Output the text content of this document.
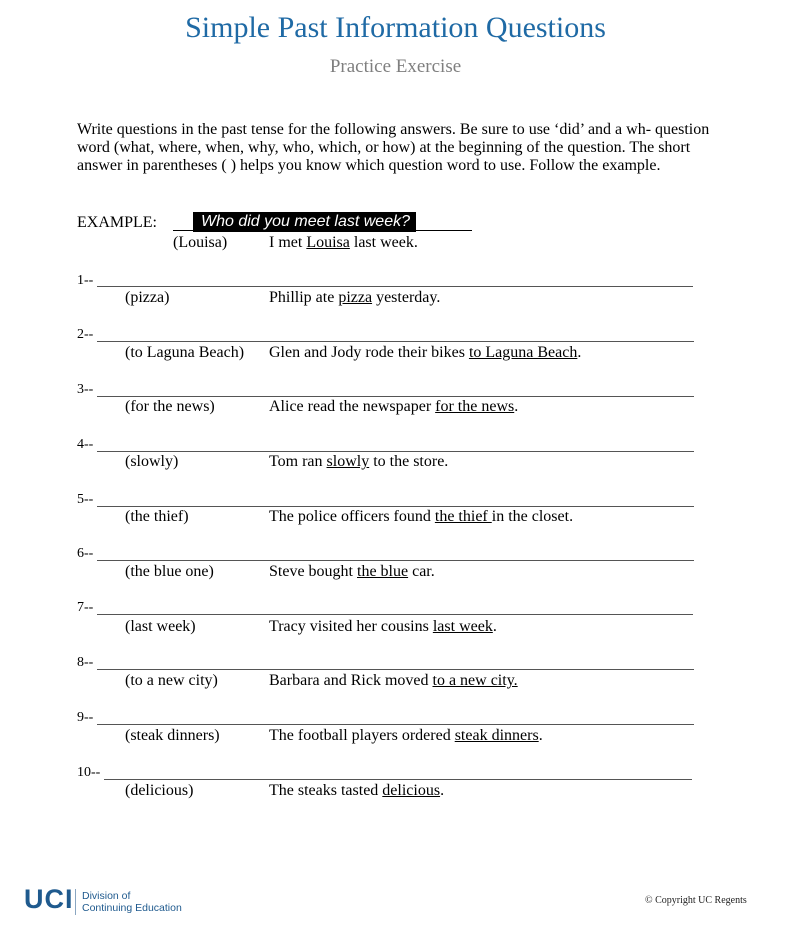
Simple Past Information Questions
Practice Exercise
Write questions in the past tense for the following answers. Be sure to use ‘did’ and a wh- question word (what, where, when, why, who, which, or how) at the beginning of the question. The short answer in parentheses ( ) helps you know which question word to use. Follow the example.
EXAMPLE:	Who did you meet last week?
(Louisa)	I met Louisa last week.
1--
(pizza)	Phillip ate pizza yesterday.
2--
(to Laguna Beach) Glen and Jody rode their bikes to Laguna Beach.
3--
(for the news)	Alice read the newspaper for the news.
4--
(slowly)	Tom ran slowly to the store.
5--
(the thief)	The police officers found the thief in the closet.
6--
(the blue one)	Steve bought the blue car.
7--
(last week)	Tracy visited her cousins last week.
8--
(to a new city)	Barbara and Rick moved to a new city.
9--
(steak dinners)	The football players ordered steak dinners.
10--
(delicious)	The steaks tasted delicious.
UCI Division of
Continuing Education
© Copyright UC Regents
